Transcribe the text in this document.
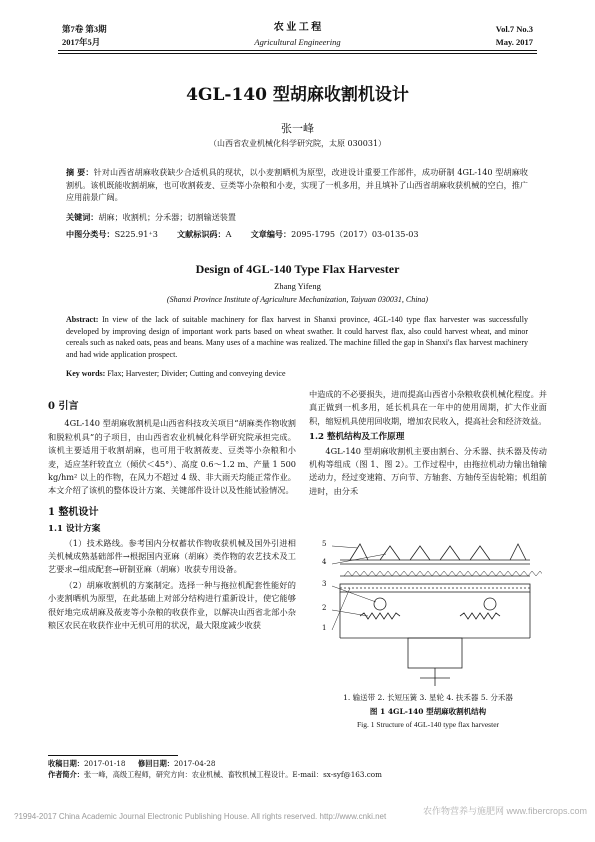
第7卷 第3期
2017年5月
农 业 工 程
Agricultural Engineering
Vol.7 No.3
May. 2017
4GL-140 型胡麻收割机设计
张一峰
（山西省农业机械化科学研究院，太原 030031）
摘 要：针对山西省胡麻收获缺少合适机具的现状，以小麦割晒机为原型，改进设计重要工作部件，成功研制 4GL-140 型胡麻收割机。该机既能收割胡麻，也可收割莜麦、豆类等小杂粮和小麦，实现了一机多用，并且填补了山西省胡麻收获机械的空白，推广应用前景广阔。
关键词：胡麻；收割机；分禾器；切割输送装置
中图分类号：S225.91⁺3 文献标识码：A 文章编号：2095-1795（2017）03-0135-03
Design of 4GL-140 Type Flax Harvester
Zhang Yifeng
(Shanxi Province Institute of Agriculture Mechanization, Taiyuan 030031, China)
Abstract: In view of the lack of suitable machinery for flax harvest in Shanxi province, 4GL-140 type flax harvester was successfully developed by improving design of important work parts based on wheat swather. It could harvest flax, also could harvest wheat, and minor cereals such as naked oats, peas and beans. Many uses of a machine was realized. The machine filled the gap in Shanxi's flax harvest machinery and had wide application prospect.
Key words: Flax; Harvester; Divider; Cutting and conveying device
0 引言

4GL-140 型胡麻收割机是山西省科技攻关项目“胡麻类作物收割和脱粒机具”的子项目，由山西省农业机械化科学研究院承担完成。该机主要适用于收割胡麻，也可用于收割莜麦、豆类等小杂粮和小麦，适应茎秆较直立（倾伏＜45°）、高度 0.6～1.2 m、产量 1 500 kg/hm² 以上的作物，在风力不超过 4 级、非大雨天均能正常作业。本文介绍了该机的整体设计方案、关键部件设计以及性能试验情况。

1 整机设计
1.1 设计方案

（1）技术路线。参考国内分权蓄状作物收获机械及国外引进相关机械成熟基础部件→根据国内亚麻（胡麻）类作物的农艺技术及工艺要求→组成配套→研制亚麻（胡麻）收获专用设备。

（2）胡麻收割机的方案制定。选择一种与拖拉机配套性能好的小麦割晒机为原型，在此基础上对部分结构进行重新设计，使它能够很好地完成胡麻及莜麦等小杂粮的收获作业，以解决山西省北部小杂粮区农民在收获作业中无机可用的状况，最大限度减少收获

中造成的不必要损失，进而提高山西省小杂粮收获机械化程度。并真正做到一机多用，延长机具在一年中的使用周期，扩大作业面积，缩短机具使用回收期，增加农民收入，提高社会和经济效益。

1.2 整机结构及工作原理

4GL-140 型胡麻收割机主要由割台、分禾器、扶禾器及传动机构等组成（图 1、图 2）。工作过程中，由拖拉机动力输出轴输送动力，经过变速箱、万向节、方轴套、方轴传至齿轮箱；机组前进时，由分禾

5
4
3
2
1
1. 输送带 2. 长短压簧 3. 星轮 4. 扶禾器 5. 分禾器
图 1 4GL-140 型胡麻收割机结构
Fig. 1 Structure of 4GL-140 type flax harvester
收稿日期：2017-01-18 修回日期：2017-04-28
作者简介：张一峰，高级工程师，研究方向：农业机械、畜牧机械工程设计。E-mail：sx-syf@163.com
?1994-2017 China Academic Journal Electronic Publishing House. All rights reserved. http://www.cnki.net
农作物营养与施肥网 www.fibercrops.com
